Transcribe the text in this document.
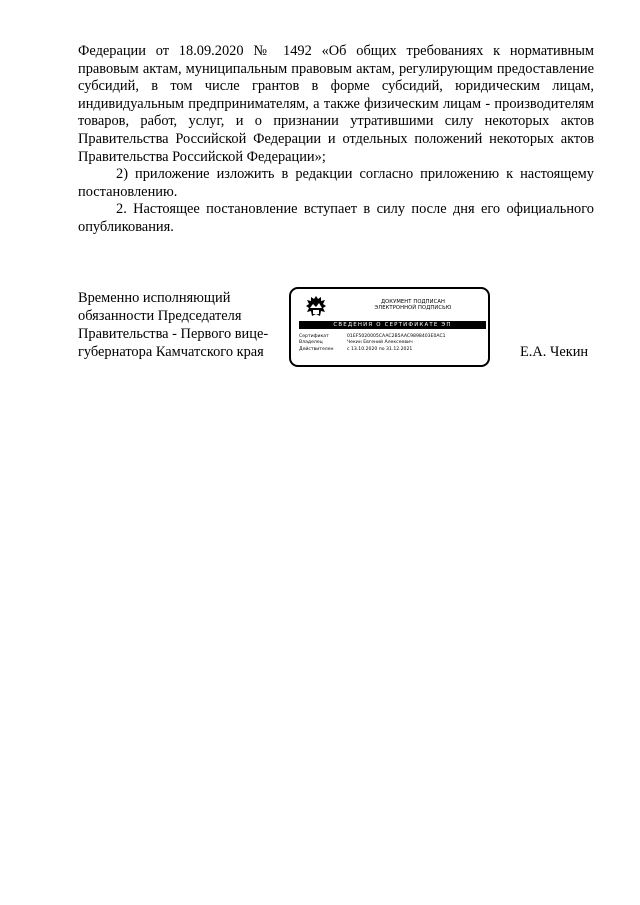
Федерации от 18.09.2020 № 1492 «Об общих требованиях к нормативным правовым актам, муниципальным правовым актам, регулирующим предоставление субсидий, в том числе грантов в форме субсидий, юридическим лицам, индивидуальным предпринимателям, а также физическим лицам - производителям товаров, работ, услуг, и о признании утратившими силу некоторых актов Правительства Российской Федерации и отдельных положений некоторых актов Правительства Российской Федерации»;

2) приложение изложить в редакции согласно приложению к настоящему постановлению.

2. Настоящее постановление вступает в силу после дня его официального опубликования.

Временно исполняющий
обязанности Председателя
Правительства - Первого вице-
губернатора Камчатского края
ДОКУМЕНТ ПОДПИСАН
ЭЛЕКТРОННОЙ ПОДПИСЬЮ
СВЕДЕНИЯ О СЕРТИФИКАТЕ ЭП
Сертификат	01EF5020005CAAC2B5AAC9898403E0AC1
Владелец	Чекин Евгений Алексеевич
Действителен	с 13.10.2020 по 31.12.2021	Е.А. Чекин
